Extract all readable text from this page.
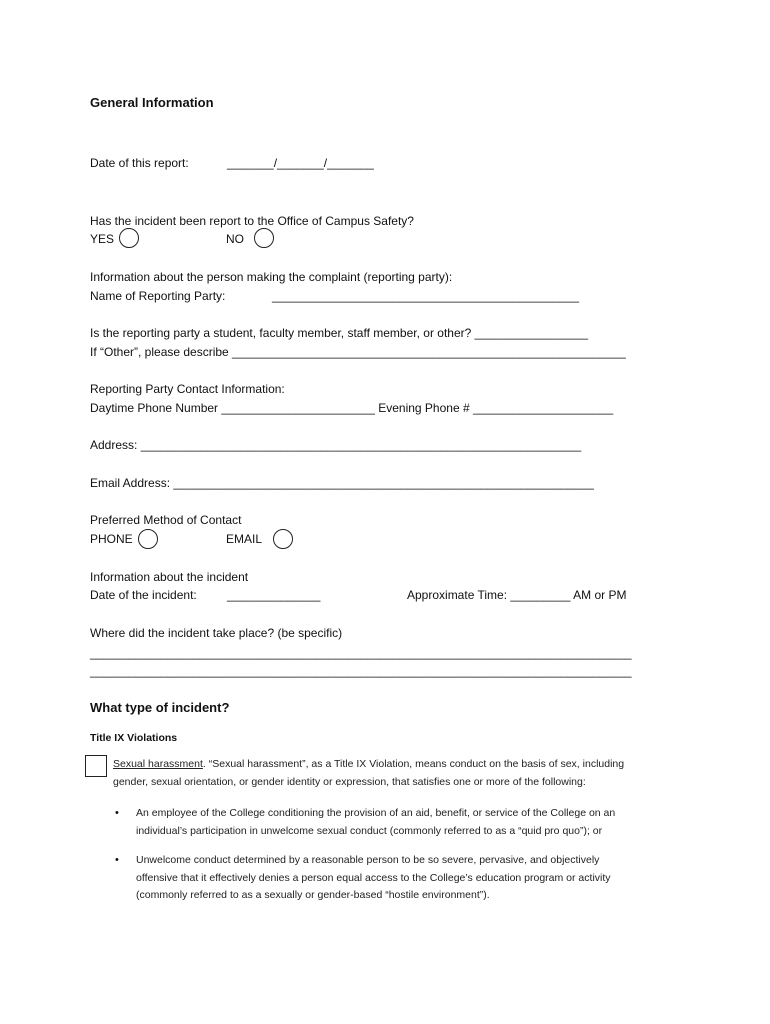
General Information
Date of this report:	_______/_______/_______
Has the incident been report to the Office of Campus Safety?
YES	NO
Information about the person making the complaint (reporting party):
Name of Reporting Party:	______________________________________________
Is the reporting party a student, faculty member, staff member, or other? _________________
If “Other”, please describe ___________________________________________________________
Reporting Party Contact Information:
Daytime Phone Number _______________________ Evening Phone # _____________________
Address: __________________________________________________________________
Email Address: _______________________________________________________________
Preferred Method of Contact
PHONE	EMAIL
Information about the incident
Date of the incident:	______________	Approximate Time: _________ AM or PM
Where did the incident take place? (be specific)
____________________________________________________________________________________
____________________________________________________________________________________
What type of incident?
Title IX Violations
Sexual harassment. “Sexual harassment”, as a Title IX Violation, means conduct on the basis of sex, including
gender, sexual orientation, or gender identity or expression, that satisfies one or more of the following:
• An employee of the College conditioning the provision of an aid, benefit, or service of the College on an
individual’s participation in unwelcome sexual conduct (commonly referred to as a “quid pro quo”); or
• Unwelcome conduct determined by a reasonable person to be so severe, pervasive, and objectively
offensive that it effectively denies a person equal access to the College’s education program or activity
(commonly referred to as a sexually or gender-based “hostile environment”).
